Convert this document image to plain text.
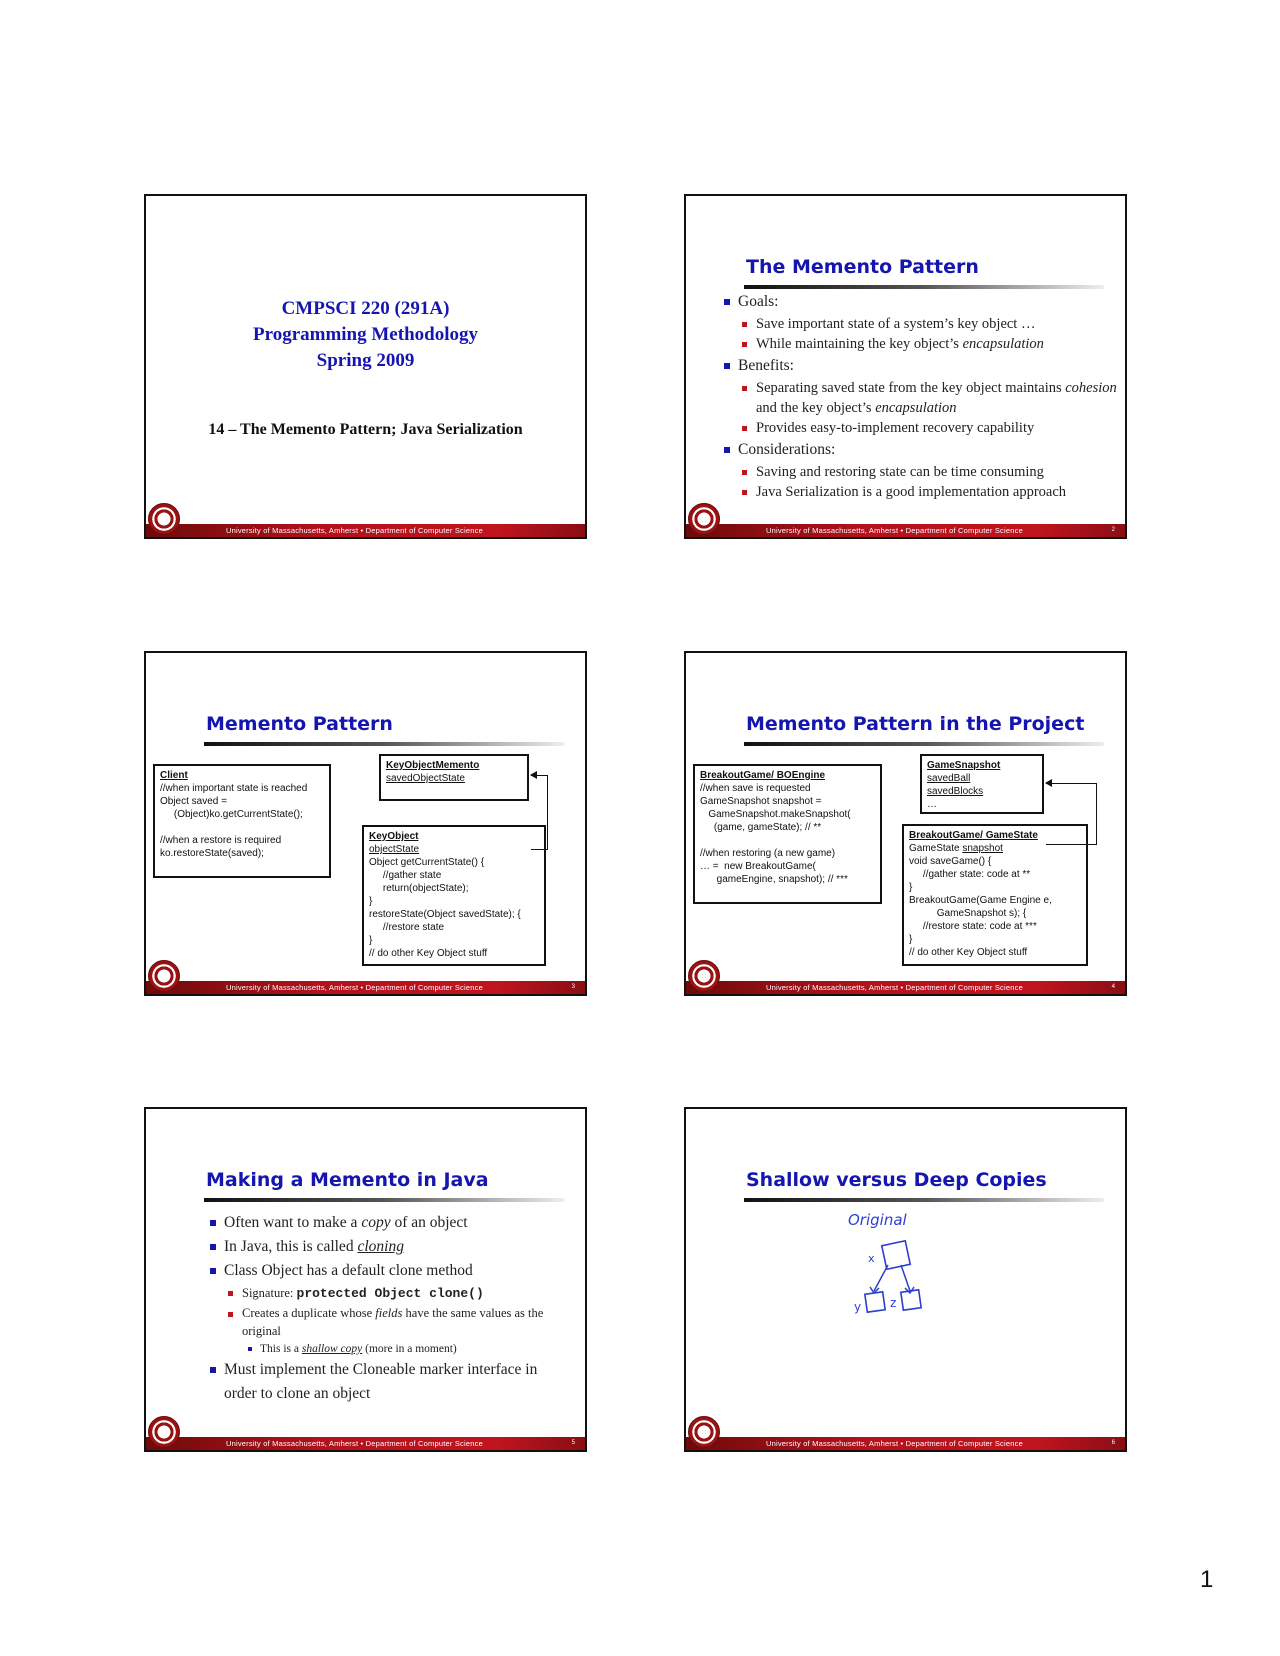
CMPSCI 220 (291A)
Programming Methodology
Spring 2009
14 – The Memento Pattern; Java Serialization
University of Massachusetts, Amherst • Department of Computer Science
The Memento Pattern
Goals:
Save important state of a system’s key object …
While maintaining the key object’s encapsulation
Benefits:
Separating saved state from the key object maintains cohesion and the key object’s encapsulation
Provides easy-to-implement recovery capability
Considerations:
Saving and restoring state can be time consuming
Java Serialization is a good implementation approach
University of Massachusetts, Amherst • Department of Computer Science	2
Memento Pattern
Client
//when important state is reached
Object saved =
(Object)ko.getCurrentState();

//when a restore is required
ko.restoreState(saved);
KeyObjectMemento
savedObjectState
KeyObject
objectState
Object getCurrentState() {
//gather state
return(objectState);
}
restoreState(Object savedState); {
//restore state
}
// do other Key Object stuff
University of Massachusetts, Amherst • Department of Computer Science	3
Memento Pattern in the Project
BreakoutGame/ BOEngine
//when save is requested
GameSnapshot snapshot =
GameSnapshot.makeSnapshot(
(game, gameState); // **

//when restoring (a new game)
… =  new BreakoutGame(
gameEngine, snapshot); // ***
GameSnapshot
savedBall
savedBlocks
…
BreakoutGame/ GameState
GameState snapshot
void saveGame() {
//gather state: code at **
}
BreakoutGame(Game Engine e,
GameSnapshot s); {
//restore state: code at ***
}
// do other Key Object stuff
University of Massachusetts, Amherst • Department of Computer Science	4
Making a Memento in Java
Often want to make a copy of an object
In Java, this is called cloning
Class Object has a default clone method
Signature: protected Object clone()
Creates a duplicate whose fields have the same values as the original
This is a shallow copy (more in a moment)
Must implement the Cloneable marker interface in order to clone an object
University of Massachusetts, Amherst • Department of Computer Science	5
Shallow versus Deep Copies
Original
x
y z
University of Massachusetts, Amherst • Department of Computer Science	6
1
